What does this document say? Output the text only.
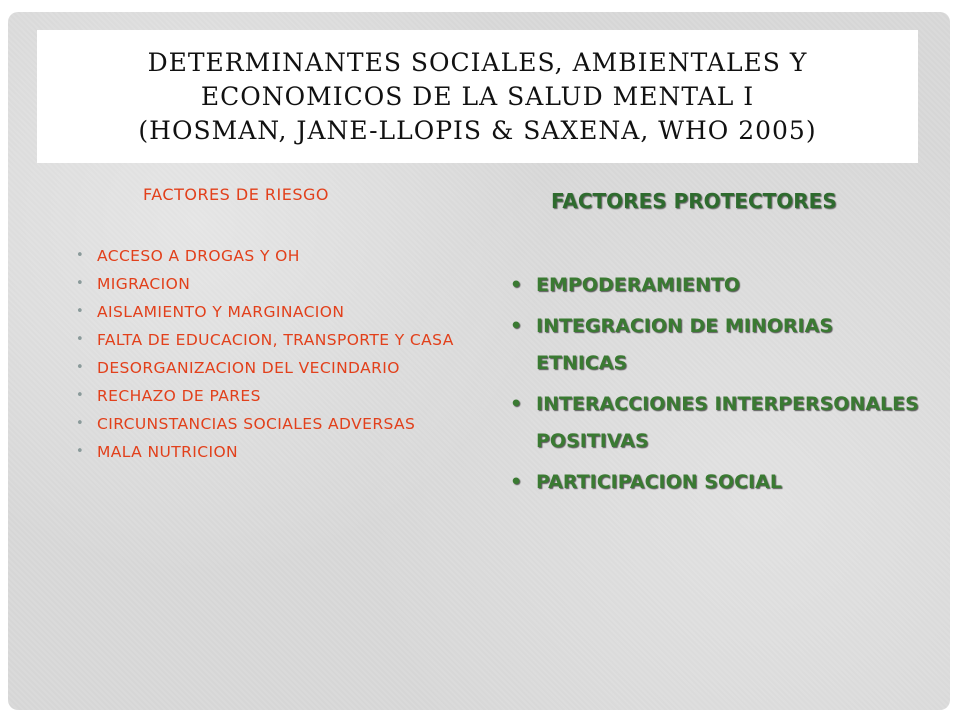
DETERMINANTES SOCIALES, AMBIENTALES Y
ECONOMICOS DE LA SALUD MENTAL I
(HOSMAN, JANE-LLOPIS & SAXENA, WHO 2005)
FACTORES DE RIESGO
• ACCESO A DROGAS Y OH
• MIGRACION
• AISLAMIENTO Y MARGINACION
• FALTA DE EDUCACION, TRANSPORTE Y CASA
• DESORGANIZACION DEL VECINDARIO
• RECHAZO DE PARES
• CIRCUNSTANCIAS SOCIALES ADVERSAS
• MALA NUTRICION
FACTORES PROTECTORES
• EMPODERAMIENTO
• INTEGRACION DE MINORIAS ETNICAS
• INTERACCIONES INTERPERSONALES POSITIVAS
• PARTICIPACION SOCIAL
